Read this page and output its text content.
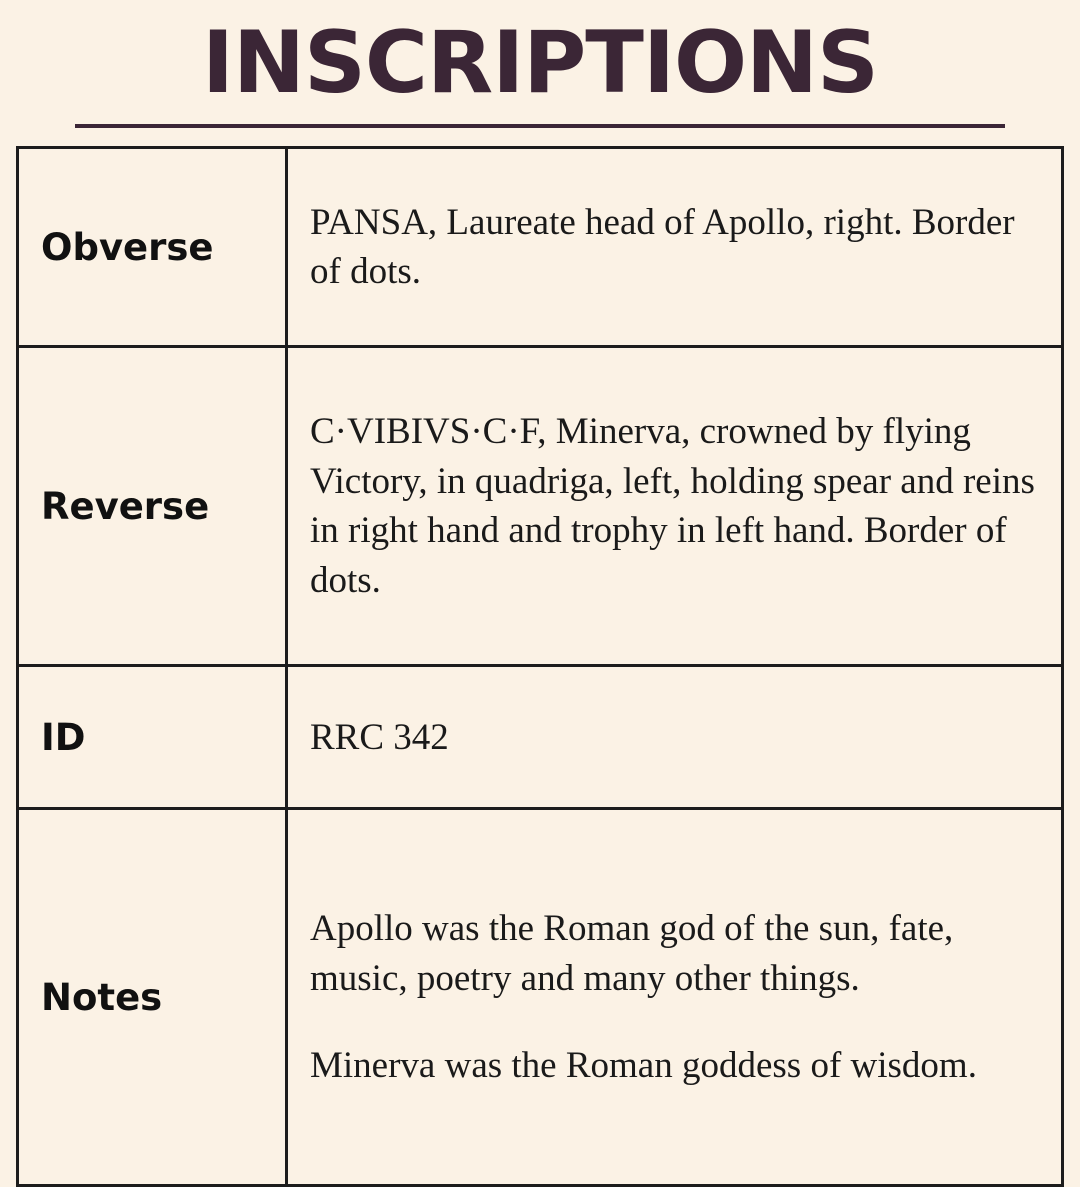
INSCRIPTIONS
Obverse	PANSA, Laureate head of Apollo, right. Border of dots.

Reverse	C·VIBIVS·C·F, Minerva, crowned by flying Victory, in quadriga, left, holding spear and reins in right hand and trophy in left hand. Border of dots.

ID	RRC 342

Notes	Apollo was the Roman god of the sun, fate, music, poetry and many other things.

Minerva was the Roman goddess of wisdom.
